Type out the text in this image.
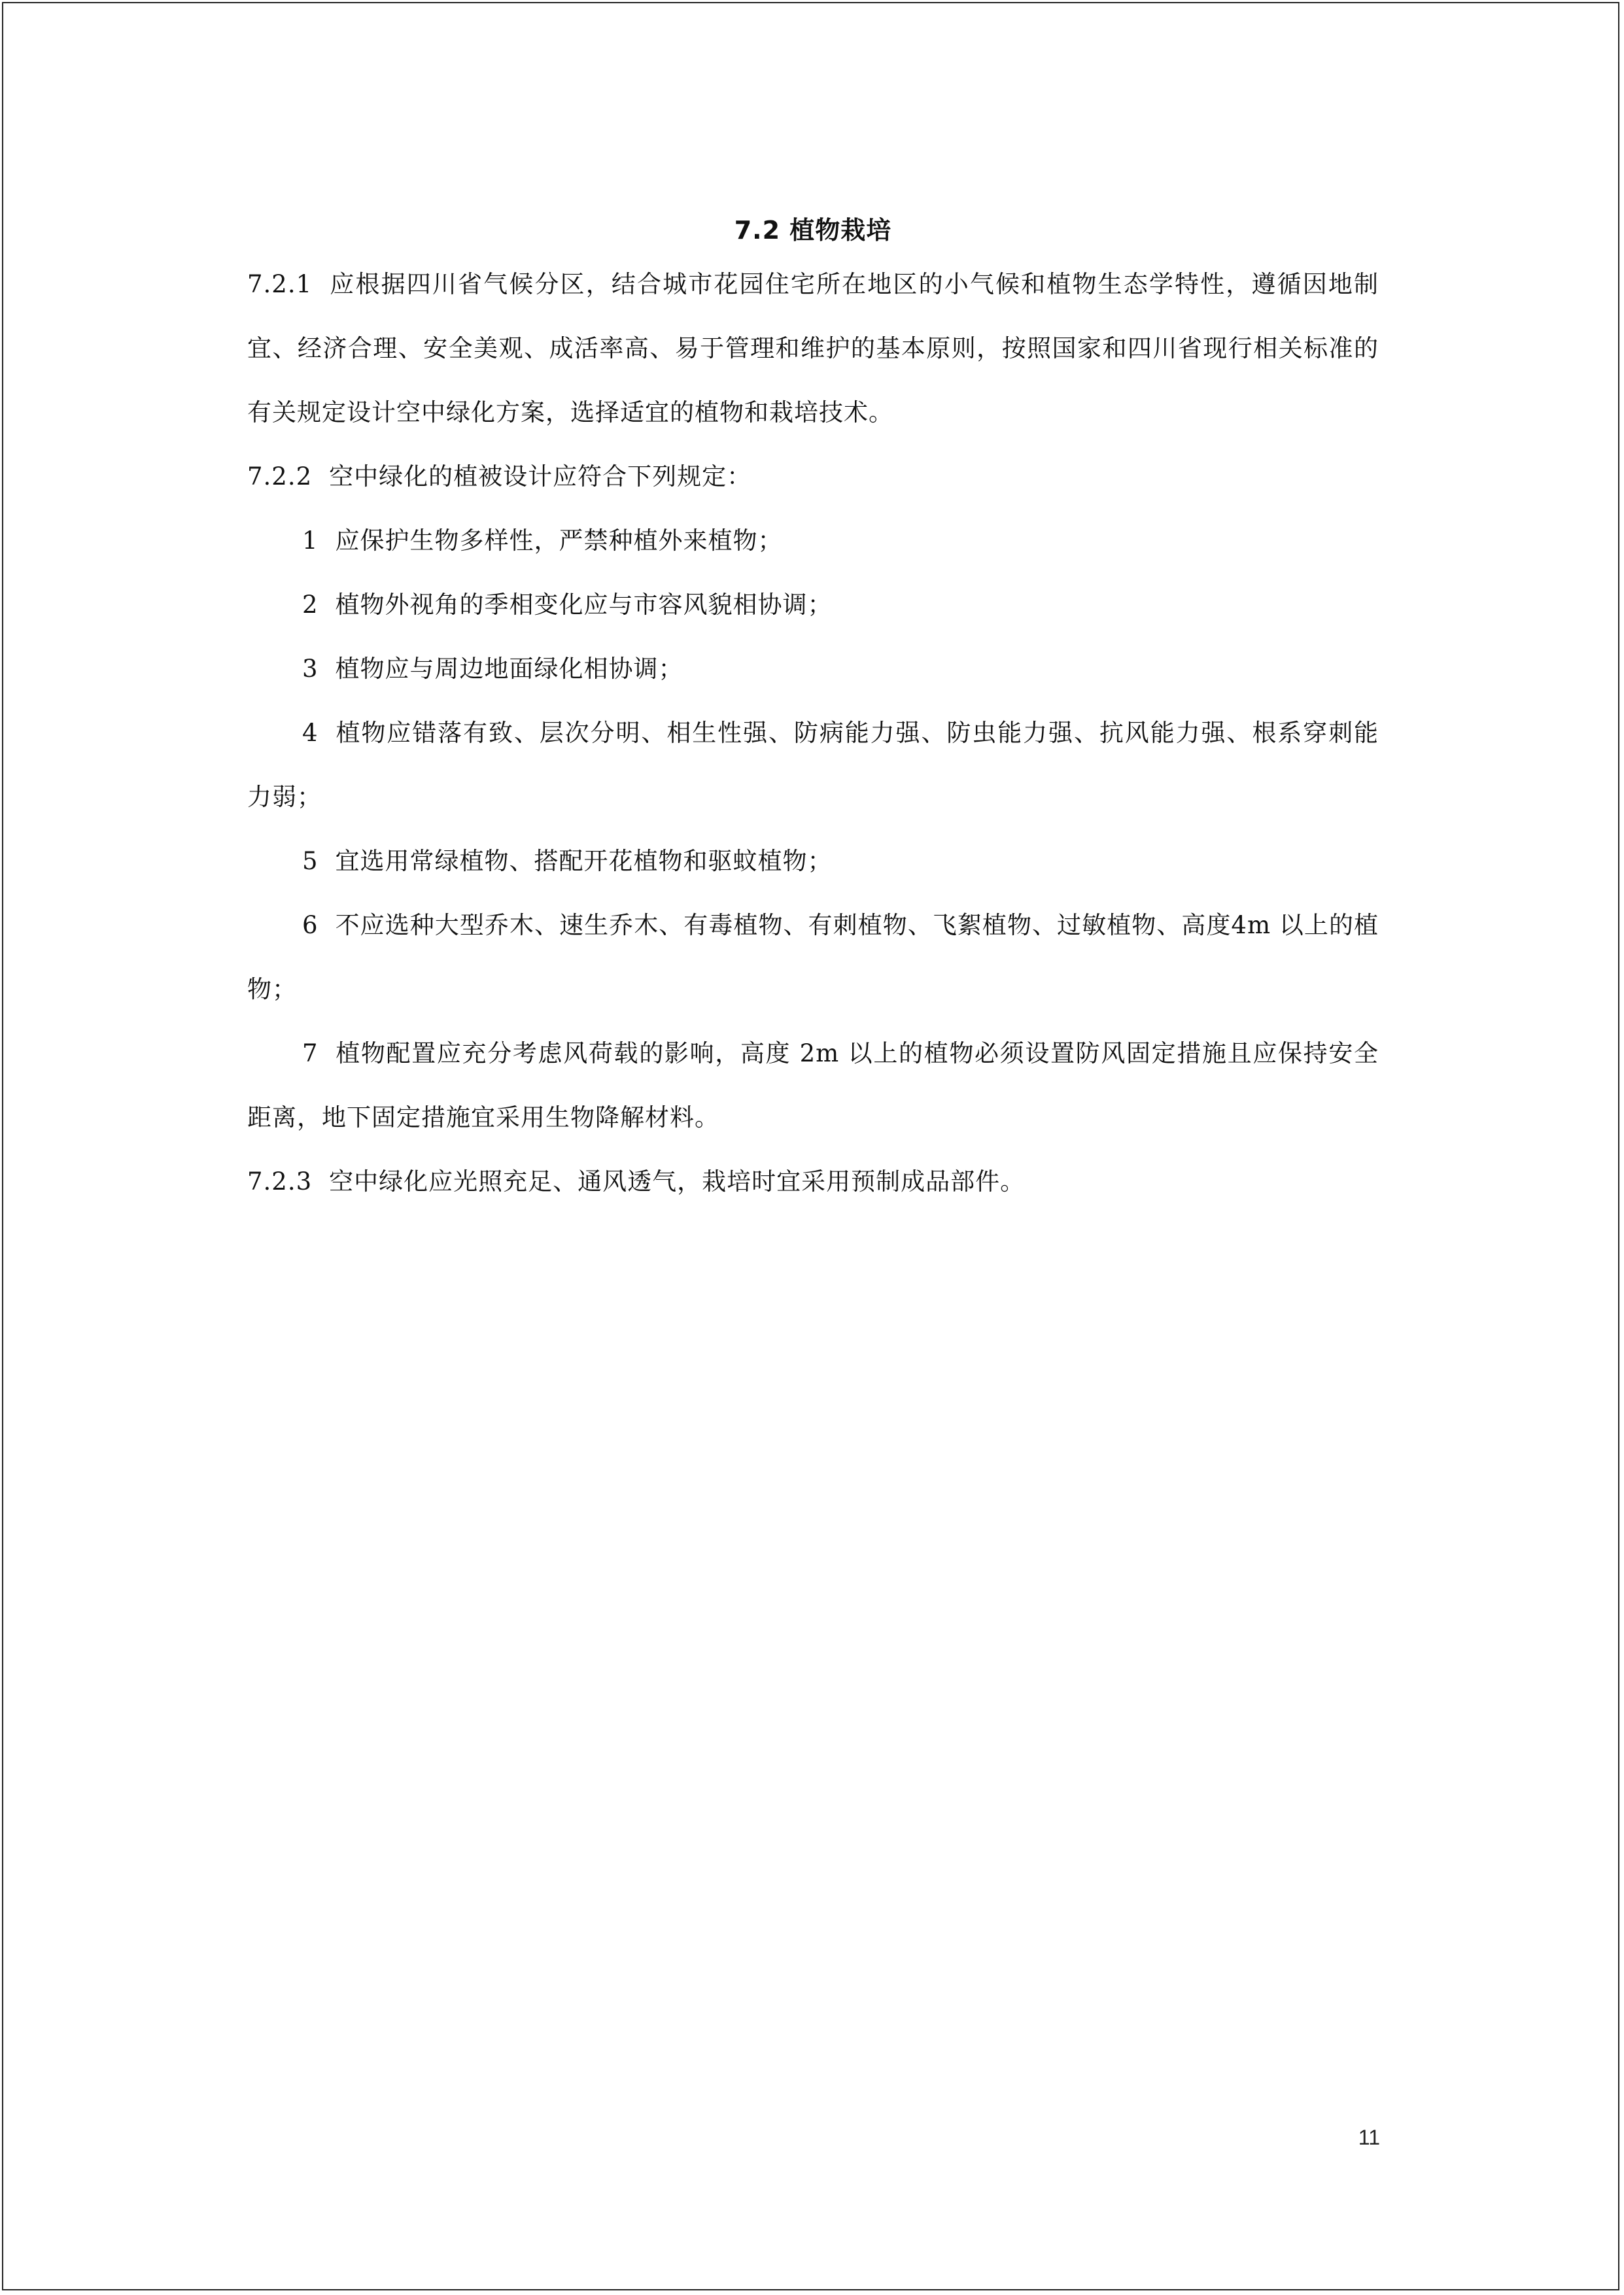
7.2 植物栽培

7.2.1 应根据四川省气候分区，结合城市花园住宅所在地区的小气候和植物生态学特性，遵循因地制宜、经济合理、安全美观、成活率高、易于管理和维护的基本原则，按照国家和四川省现行相关标准的有关规定设计空中绿化方案，选择适宜的植物和栽培技术。

7.2.2 空中绿化的植被设计应符合下列规定：

1 应保护生物多样性，严禁种植外来植物；

2 植物外视角的季相变化应与市容风貌相协调；

3 植物应与周边地面绿化相协调；

4 植物应错落有致、层次分明、相生性强、防病能力强、防虫能力强、抗风能力强、根系穿刺能力弱；

5 宜选用常绿植物、搭配开花植物和驱蚊植物；

6 不应选种大型乔木、速生乔木、有毒植物、有刺植物、飞絮植物、过敏植物、高度4m 以上的植物；

7 植物配置应充分考虑风荷载的影响，高度 2m 以上的植物必须设置防风固定措施且应保持安全距离，地下固定措施宜采用生物降解材料。

7.2.3 空中绿化应光照充足、通风透气，栽培时宜采用预制成品部件。

11
